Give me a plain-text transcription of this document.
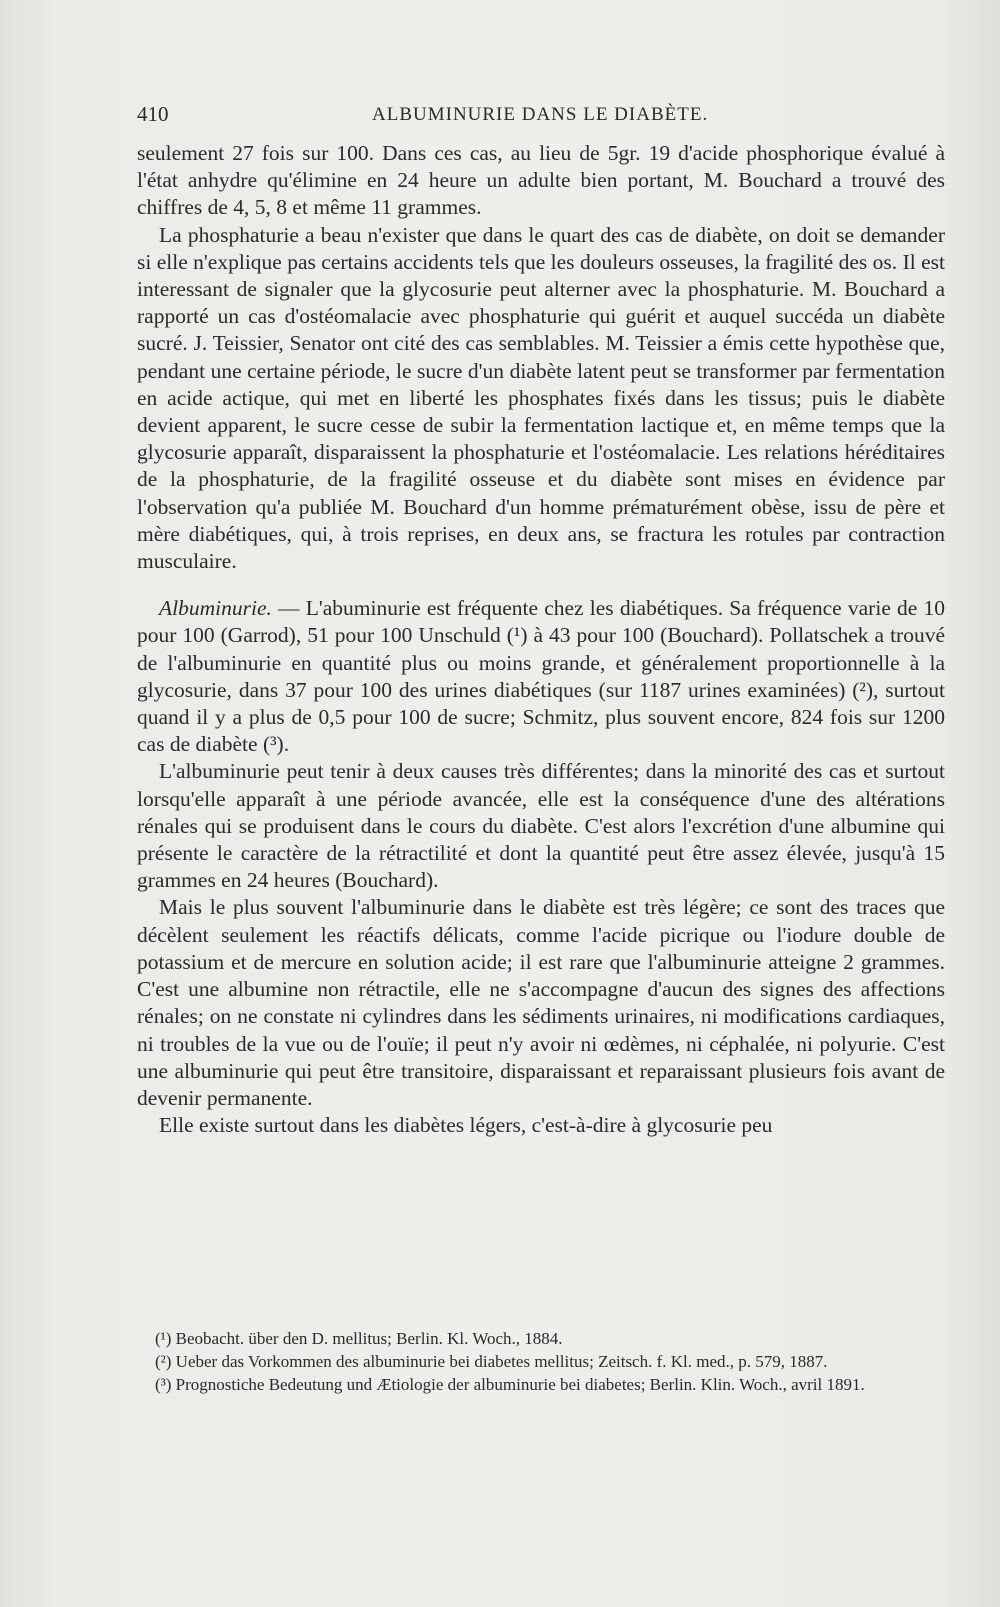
410	ALBUMINURIE DANS LE DIABÈTE.

seulement 27 fois sur 100. Dans ces cas, au lieu de 5gr. 19 d'acide phosphorique évalué à l'état anhydre qu'élimine en 24 heure un adulte bien portant, M. Bouchard a trouvé des chiffres de 4, 5, 8 et même 11 grammes.

La phosphaturie a beau n'exister que dans le quart des cas de diabète, on doit se demander si elle n'explique pas certains accidents tels que les douleurs osseuses, la fragilité des os. Il est interessant de signaler que la glycosurie peut alterner avec la phosphaturie. M. Bouchard a rapporté un cas d'ostéomalacie avec phosphaturie qui guérit et auquel succéda un diabète sucré. J. Teissier, Senator ont cité des cas semblables. M. Teissier a émis cette hypothèse que, pendant une certaine période, le sucre d'un diabète latent peut se transformer par fermentation en acide actique, qui met en liberté les phosphates fixés dans les tissus; puis le diabète devient apparent, le sucre cesse de subir la fermentation lactique et, en même temps que la glycosurie apparaît, disparaissent la phosphaturie et l'ostéomalacie. Les relations héréditaires de la phosphaturie, de la fragilité osseuse et du diabète sont mises en évidence par l'observation qu'a publiée M. Bouchard d'un homme prématurément obèse, issu de père et mère diabétiques, qui, à trois reprises, en deux ans, se fractura les rotules par contraction musculaire.

Albuminurie. — L'abuminurie est fréquente chez les diabétiques. Sa fréquence varie de 10 pour 100 (Garrod), 51 pour 100 Unschuld (¹) à 43 pour 100 (Bouchard). Pollatschek a trouvé de l'albuminurie en quantité plus ou moins grande, et généralement proportionnelle à la glycosurie, dans 37 pour 100 des urines diabétiques (sur 1187 urines examinées) (²), surtout quand il y a plus de 0,5 pour 100 de sucre; Schmitz, plus souvent encore, 824 fois sur 1200 cas de diabète (³).

L'albuminurie peut tenir à deux causes très différentes; dans la minorité des cas et surtout lorsqu'elle apparaît à une période avancée, elle est la conséquence d'une des altérations rénales qui se produisent dans le cours du diabète. C'est alors l'excrétion d'une albumine qui présente le caractère de la rétractilité et dont la quantité peut être assez élevée, jusqu'à 15 grammes en 24 heures (Bouchard).

Mais le plus souvent l'albuminurie dans le diabète est très légère; ce sont des traces que décèlent seulement les réactifs délicats, comme l'acide picrique ou l'iodure double de potassium et de mercure en solution acide; il est rare que l'albuminurie atteigne 2 grammes. C'est une albumine non rétractile, elle ne s'accompagne d'aucun des signes des affections rénales; on ne constate ni cylindres dans les sédiments urinaires, ni modifications cardiaques, ni troubles de la vue ou de l'ouïe; il peut n'y avoir ni œdèmes, ni céphalée, ni polyurie. C'est une albuminurie qui peut être transitoire, disparaissant et reparaissant plusieurs fois avant de devenir permanente.

Elle existe surtout dans les diabètes légers, c'est-à-dire à glycosurie peu

(¹) Beobacht. über den D. mellitus; Berlin. Kl. Woch., 1884.

(²) Ueber das Vorkommen des albuminurie bei diabetes mellitus; Zeitsch. f. Kl. med., p. 579, 1887.

(³) Prognostiche Bedeutung und Ætiologie der albuminurie bei diabetes; Berlin. Klin. Woch., avril 1891.
